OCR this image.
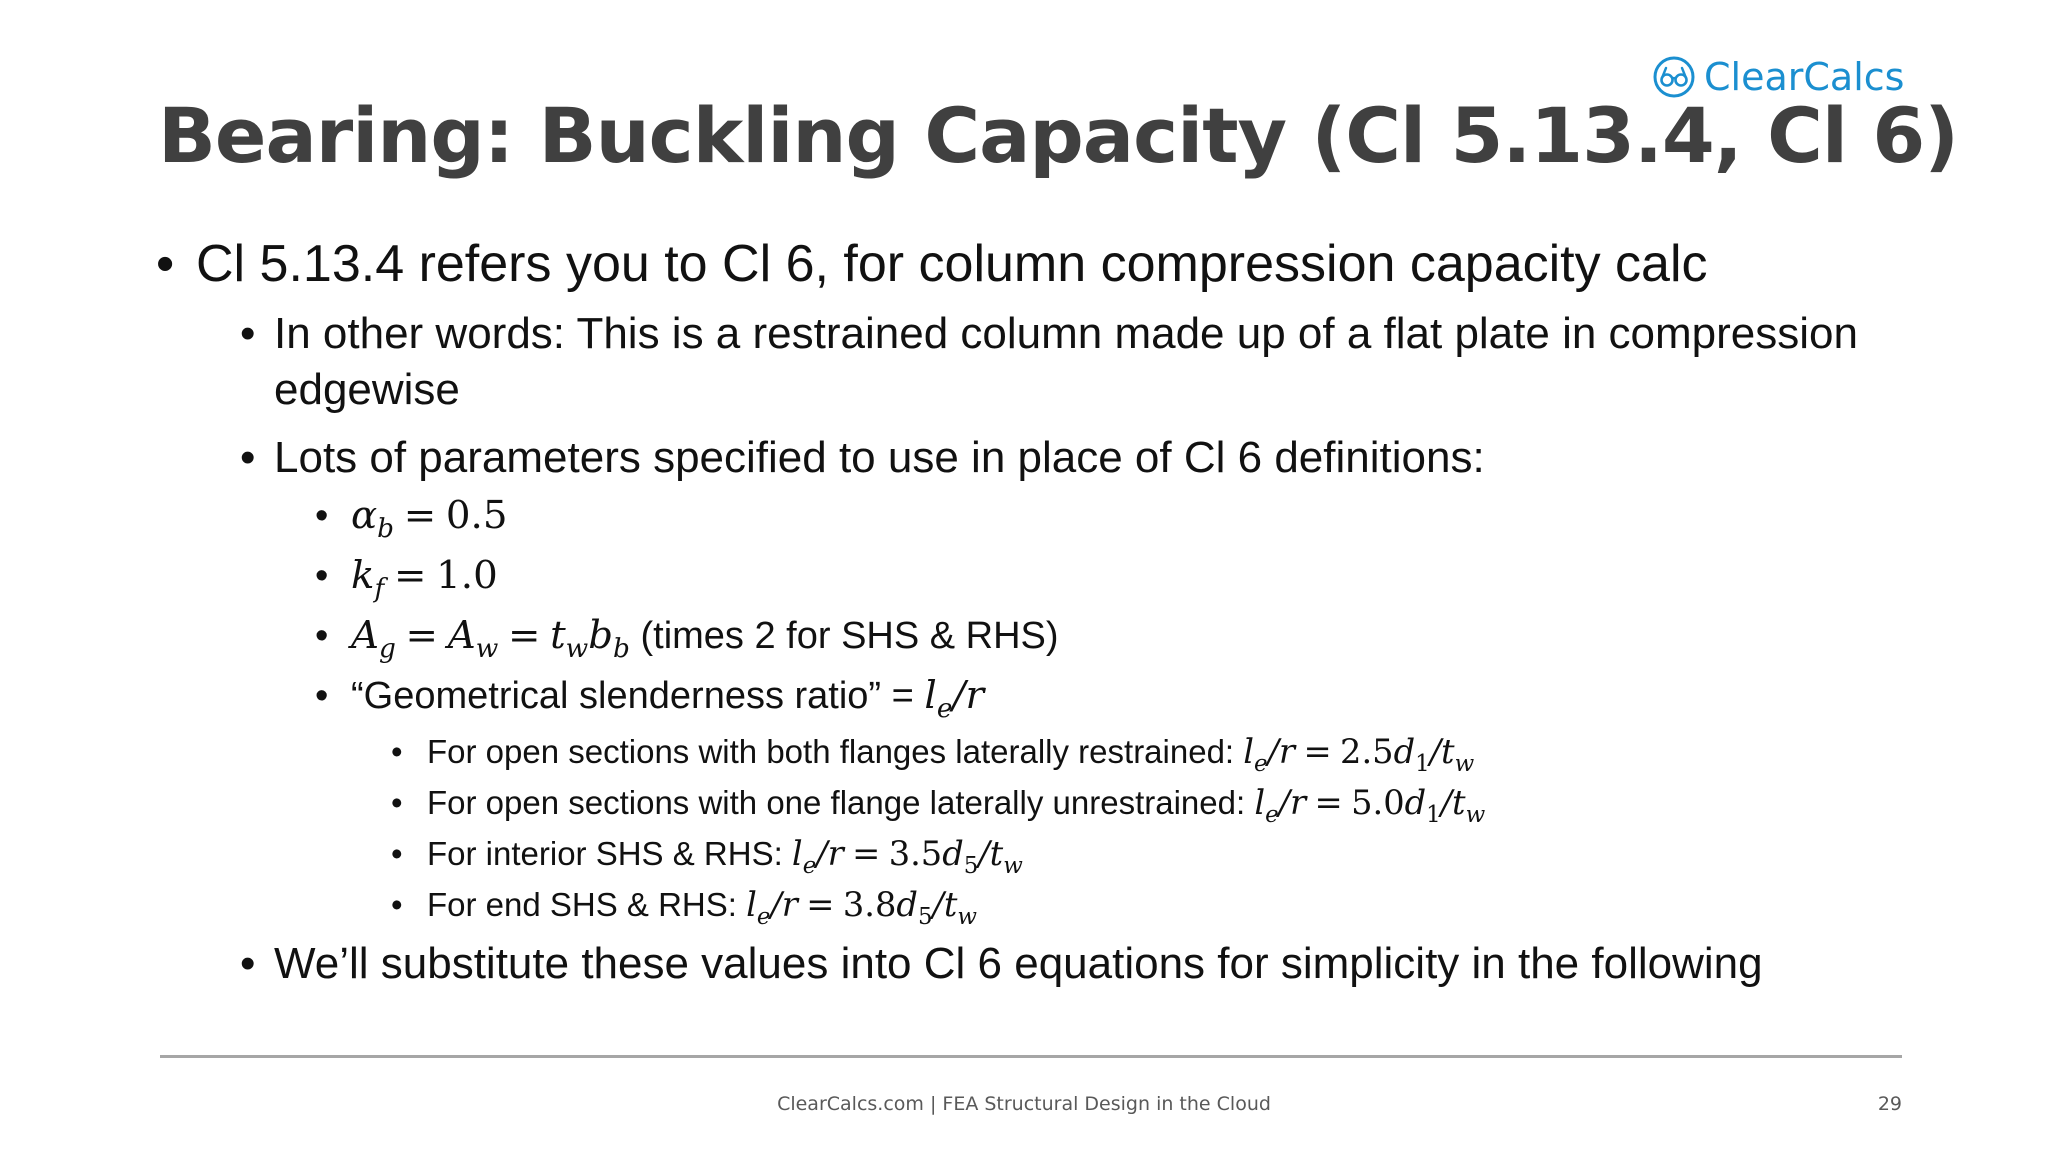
ClearCalcs
Bearing: Buckling Capacity (Cl 5.13.4, Cl 6)
• Cl 5.13.4 refers you to Cl 6, for column compression capacity calc
• In other words: This is a restrained column made up of a flat plate in compression edgewise
• Lots of parameters specified to use in place of Cl 6 definitions:
• $\alpha_b = 0.5$
• $k_f = 1.0$
• $A_g = A_w = t_wb_b$ (times 2 for SHS & RHS)
• “Geometrical slenderness ratio” = $l_e/r$
• For open sections with both flanges laterally restrained: $l_e/r = 2.5d_1/t_w$
• For open sections with one flange laterally unrestrained: $l_e/r = 5.0d_1/t_w$
• For interior SHS & RHS: $l_e/r = 3.5d_5/t_w$
• For end SHS & RHS: $l_e/r = 3.8d_5/t_w$
• We’ll substitute these values into Cl 6 equations for simplicity in the following
ClearCalcs.com | FEA Structural Design in the Cloud	29
